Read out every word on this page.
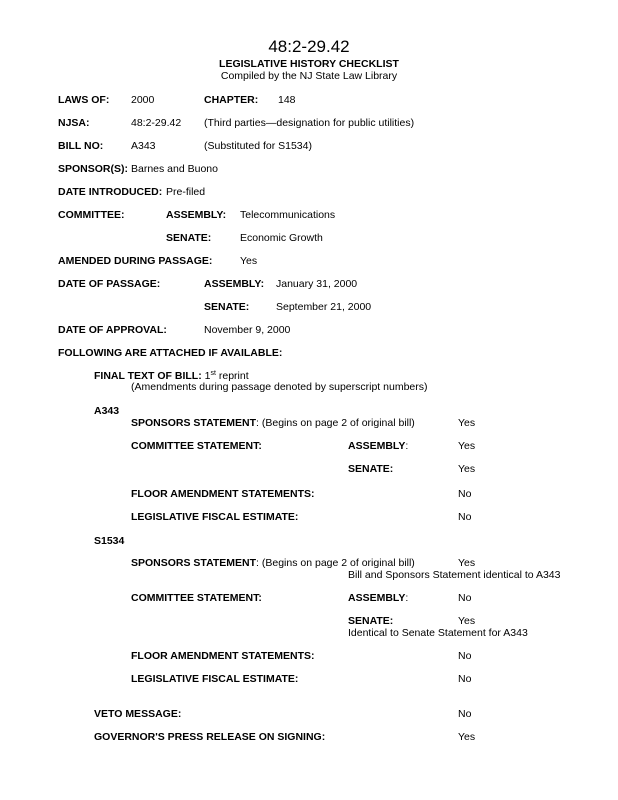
48:2-29.42
LEGISLATIVE HISTORY CHECKLIST
Compiled by the NJ State Law Library
LAWS OF: 2000	CHAPTER: 148
NJSA:	48:2-29.42 (Third parties—designation for public utilities)
BILL NO:	A343	(Substituted for S1534)
SPONSOR(S): Barnes and Buono
DATE INTRODUCED: Pre-filed
COMMITTEE:	ASSEMBLY: Telecommunications
SENATE:	Economic Growth
AMENDED DURING PASSAGE:	Yes
DATE OF PASSAGE:	ASSEMBLY: January 31, 2000
SENATE:	September 21, 2000
DATE OF APPROVAL:	November 9, 2000
FOLLOWING ARE ATTACHED IF AVAILABLE:
FINAL TEXT OF BILL: 1st reprint
(Amendments during passage denoted by superscript numbers)
A343
SPONSORS STATEMENT: (Begins on page 2 of original bill)	Yes
COMMITTEE STATEMENT:	ASSEMBLY:	Yes
SENATE:	Yes
FLOOR AMENDMENT STATEMENTS:	No
LEGISLATIVE FISCAL ESTIMATE:	No
S1534
SPONSORS STATEMENT: (Begins on page 2 of original bill)	Yes
Bill and Sponsors Statement identical to A343
COMMITTEE STATEMENT:	ASSEMBLY:	No
SENATE:	Yes
Identical to Senate Statement for A343
FLOOR AMENDMENT STATEMENTS:	No
LEGISLATIVE FISCAL ESTIMATE:	No
VETO MESSAGE:	No
GOVERNOR'S PRESS RELEASE ON SIGNING:	Yes
